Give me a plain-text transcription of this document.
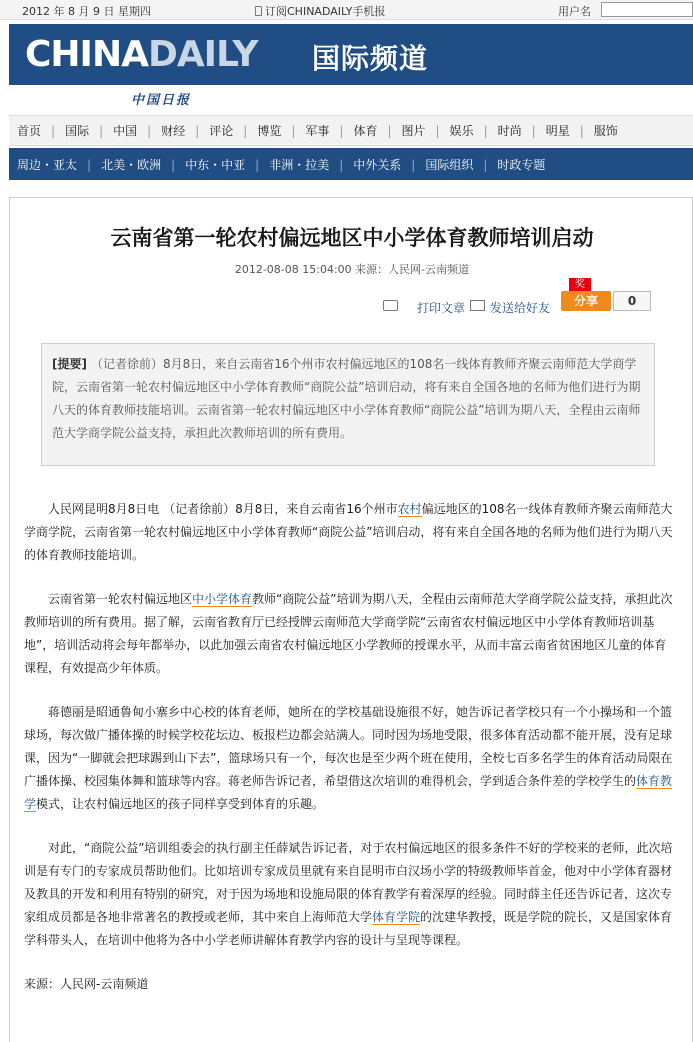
2012 年 8 月 9 日 星期四	订阅CHINADAILY手机报	用户名
CHINADAILY 国际频道
中国日报
首页 | 国际 | 中国 | 财经 | 评论 | 博览 | 军事 | 体育 | 图片 | 娱乐 | 时尚 | 明星 | 服饰
周边・亚太 | 北美・欧洲 | 中东・中亚 | 非洲・拉美 | 中外关系 | 国际组织 | 时政专题
云南省第一轮农村偏远地区中小学体育教师培训启动
2012-08-08 15:04:00 来源：人民网-云南频道
奖
打印文章 发送给好友	分享	0
[提要] （记者徐前）8月8日，来自云南省16个州市农村偏远地区的108名一线体育教师齐聚云南师范大学商学院，云南省第一轮农村偏远地区中小学体育教师“商院公益”培训启动，将有来自全国各地的名师为他们进行为期八天的体育教师技能培训。云南省第一轮农村偏远地区中小学体育教师“商院公益”培训为期八天，全程由云南师范大学商学院公益支持，承担此次教师培训的所有费用。

人民网昆明8月8日电 （记者徐前）8月8日，来自云南省16个州市农村偏远地区的108名一线体育教师齐聚云南师范大学商学院，云南省第一轮农村偏远地区中小学体育教师“商院公益”培训启动，将有来自全国各地的名师为他们进行为期八天的体育教师技能培训。

云南省第一轮农村偏远地区中小学体育教师“商院公益”培训为期八天，全程由云南师范大学商学院公益支持，承担此次教师培训的所有费用。据了解，云南省教育厅已经授牌云南师范大学商学院“云南省农村偏远地区中小学体育教师培训基地”，培训活动将会每年都举办，以此加强云南省农村偏远地区小学教师的授课水平，从而丰富云南省贫困地区儿童的体育课程，有效提高少年体质。

蒋德丽是昭通鲁甸小寨乡中心校的体育老师，她所在的学校基础设施很不好，她告诉记者学校只有一个小操场和一个篮球场，每次做广播体操的时候学校花坛边、板报栏边都会站满人。同时因为场地受限，很多体育活动都不能开展，没有足球课，因为“一脚就会把球踢到山下去”，篮球场只有一个，每次也是至少两个班在使用，全校七百多名学生的体育活动局限在广播体操、校园集体舞和篮球等内容。蒋老师告诉记者，希望借这次培训的难得机会，学到适合条件差的学校学生的体育教学模式，让农村偏远地区的孩子同样享受到体育的乐趣。

对此，“商院公益”培训组委会的执行副主任薛斌告诉记者，对于农村偏远地区的很多条件不好的学校来的老师，此次培训是有专门的专家成员帮助他们。比如培训专家成员里就有来自昆明市白汉场小学的特级教师毕首金，他对中小学体育器材及教具的开发和利用有特别的研究，对于因为场地和设施局限的体育教学有着深厚的经验。同时薛主任还告诉记者，这次专家组成员都是各地非常著名的教授或老师，其中来自上海师范大学体育学院的沈建华教授，既是学院的院长，又是国家体育学科带头人，在培训中他将为各中小学老师讲解体育教学内容的设计与呈现等课程。

来源：人民网-云南频道
